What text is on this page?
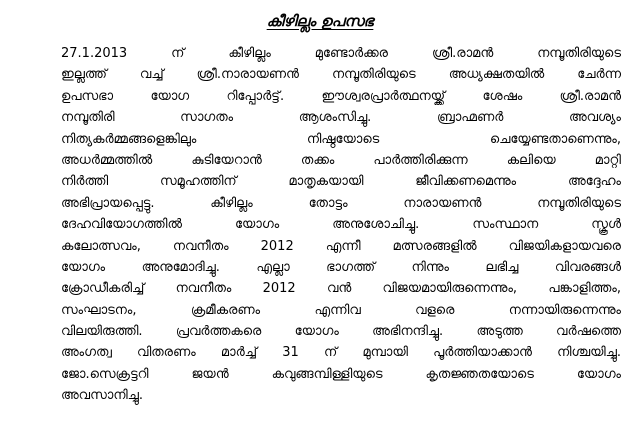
കീഴില്ലം ഉപസഭ
27.1.2013 ന് കീഴില്ലം മുണ്ടോർക്കര ശ്രീ.രാമൻ നമ്പൂതിരിയുടെ
ഇല്ലത്ത് വച്ച് ശ്രീ.നാരായണൻ നമ്പൂതിരിയുടെ അധ്യക്ഷതയിൽ ചേർന്ന
ഉപസഭാ യോഗ റിപ്പോർട്ട്. ഈശ്വരപ്രാർത്ഥനയ്ക്ക് ശേഷം ശ്രീ.രാമൻ
നമ്പൂതിരി സാഗതം ആശംസിച്ചു. ബ്രാഹ്മണർ അവശ്യം
നിത്യകർമ്മങ്ങളെങ്കിലും നിഷ്ഠയോടെ ചെയ്യേണ്ടതാണെന്നും,
അധർമ്മത്തിൽ കുടിയേറാൻ തക്കം പാർത്തിരിക്കുന്ന കലിയെ മാറ്റി
നിർത്തി സമൂഹത്തിന് മാതൃകയായി ജീവിക്കണമെന്നും അദ്ദേഹം
അഭിപ്രായപ്പെട്ടു. കീഴില്ലം തോട്ടം നാരായണൻ നമ്പൂതിരിയുടെ
ദേഹവിയോഗത്തിൽ യോഗം അനുശോചിച്ചു. സംസ്ഥാന സ്കൂൾ
കലോത്സവം, നവനീതം 2012 എന്നീ മത്സരങ്ങളിൽ വിജയികളായവരെ
യോഗം അനുമോദിച്ചു. എല്ലാ ഭാഗത്ത് നിന്നും ലഭിച്ച വിവരങ്ങൾ
ക്രോഡീകരിച്ച് നവനീതം 2012 വൻ വിജയമായിരുന്നെന്നും, പങ്കാളിത്തം,
സംഘാടനം, ക്രമീകരണം എന്നിവ വളരെ നന്നായിരുന്നെന്നും
വിലയിരുത്തി. പ്രവർത്തകരെ യോഗം അഭിനന്ദിച്ചു. അടുത്ത വർഷത്തെ
അംഗത്വ വിതരണം മാർച്ച് 31 ന് മുമ്പായി പൂർത്തിയാക്കാൻ നിശ്ചയിച്ചു.
ജോ.സെക്രട്ടറി ജയൻ കവുങ്ങമ്പിള്ളിയുടെ കൃതജ്ഞതയോടെ യോഗം
അവസാനിച്ചു.
